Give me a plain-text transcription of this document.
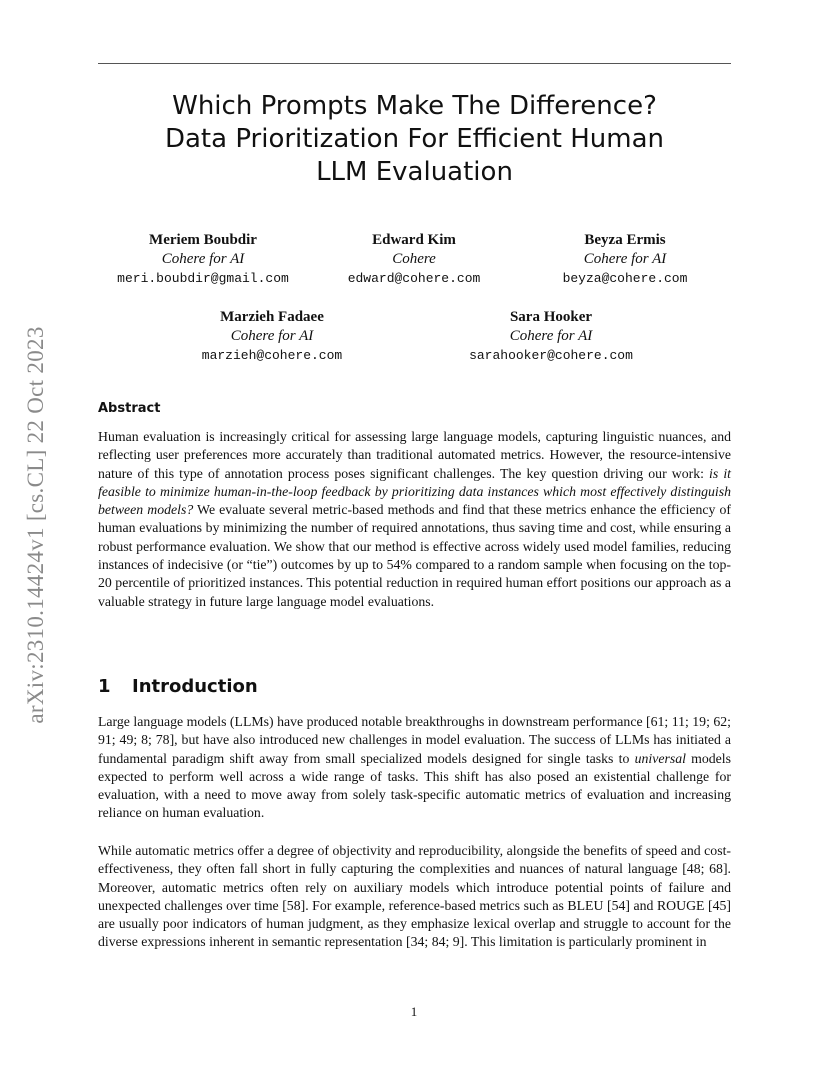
arXiv:2310.14424v1 [cs.CL] 22 Oct 2023
Which Prompts Make The Difference?
Data Prioritization For Efficient Human
LLM Evaluation
Meriem Boubdir
Cohere for AI
meri.boubdir@gmail.com
Edward Kim
Cohere
edward@cohere.com
Beyza Ermis
Cohere for AI
beyza@cohere.com
Marzieh Fadaee
Cohere for AI
marzieh@cohere.com
Sara Hooker
Cohere for AI
sarahooker@cohere.com
Abstract

Human evaluation is increasingly critical for assessing large language models, capturing linguistic nuances, and reflecting user preferences more accurately than traditional automated metrics. However, the resource-intensive nature of this type of annotation process poses significant challenges. The key question driving our work: is it feasible to minimize human-in-the-loop feedback by prioritizing data instances which most effectively distinguish between models? We evaluate several metric-based methods and find that these metrics enhance the efficiency of human evaluations by minimizing the number of required annotations, thus saving time and cost, while ensuring a robust performance evaluation. We show that our method is effective across widely used model families, reducing instances of indecisive (or “tie”) outcomes by up to 54% compared to a random sample when focusing on the top-20 percentile of prioritized instances. This potential reduction in required human effort positions our approach as a valuable strategy in future large language model evaluations.

1 Introduction

Large language models (LLMs) have produced notable breakthroughs in downstream performance [61; 11; 19; 62; 91; 49; 8; 78], but have also introduced new challenges in model evaluation. The success of LLMs has initiated a fundamental paradigm shift away from small specialized models designed for single tasks to universal models expected to perform well across a wide range of tasks. This shift has also posed an existential challenge for evaluation, with a need to move away from solely task-specific automatic metrics of evaluation and increasing reliance on human evaluation.

While automatic metrics offer a degree of objectivity and reproducibility, alongside the benefits of speed and cost-effectiveness, they often fall short in fully capturing the complexities and nuances of natural language [48; 68]. Moreover, automatic metrics often rely on auxiliary models which introduce potential points of failure and unexpected challenges over time [58]. For example, reference-based metrics such as BLEU [54] and ROUGE [45] are usually poor indicators of human judgment, as they emphasize lexical overlap and struggle to account for the diverse expressions inherent in semantic representation [34; 84; 9]. This limitation is particularly prominent in

1
